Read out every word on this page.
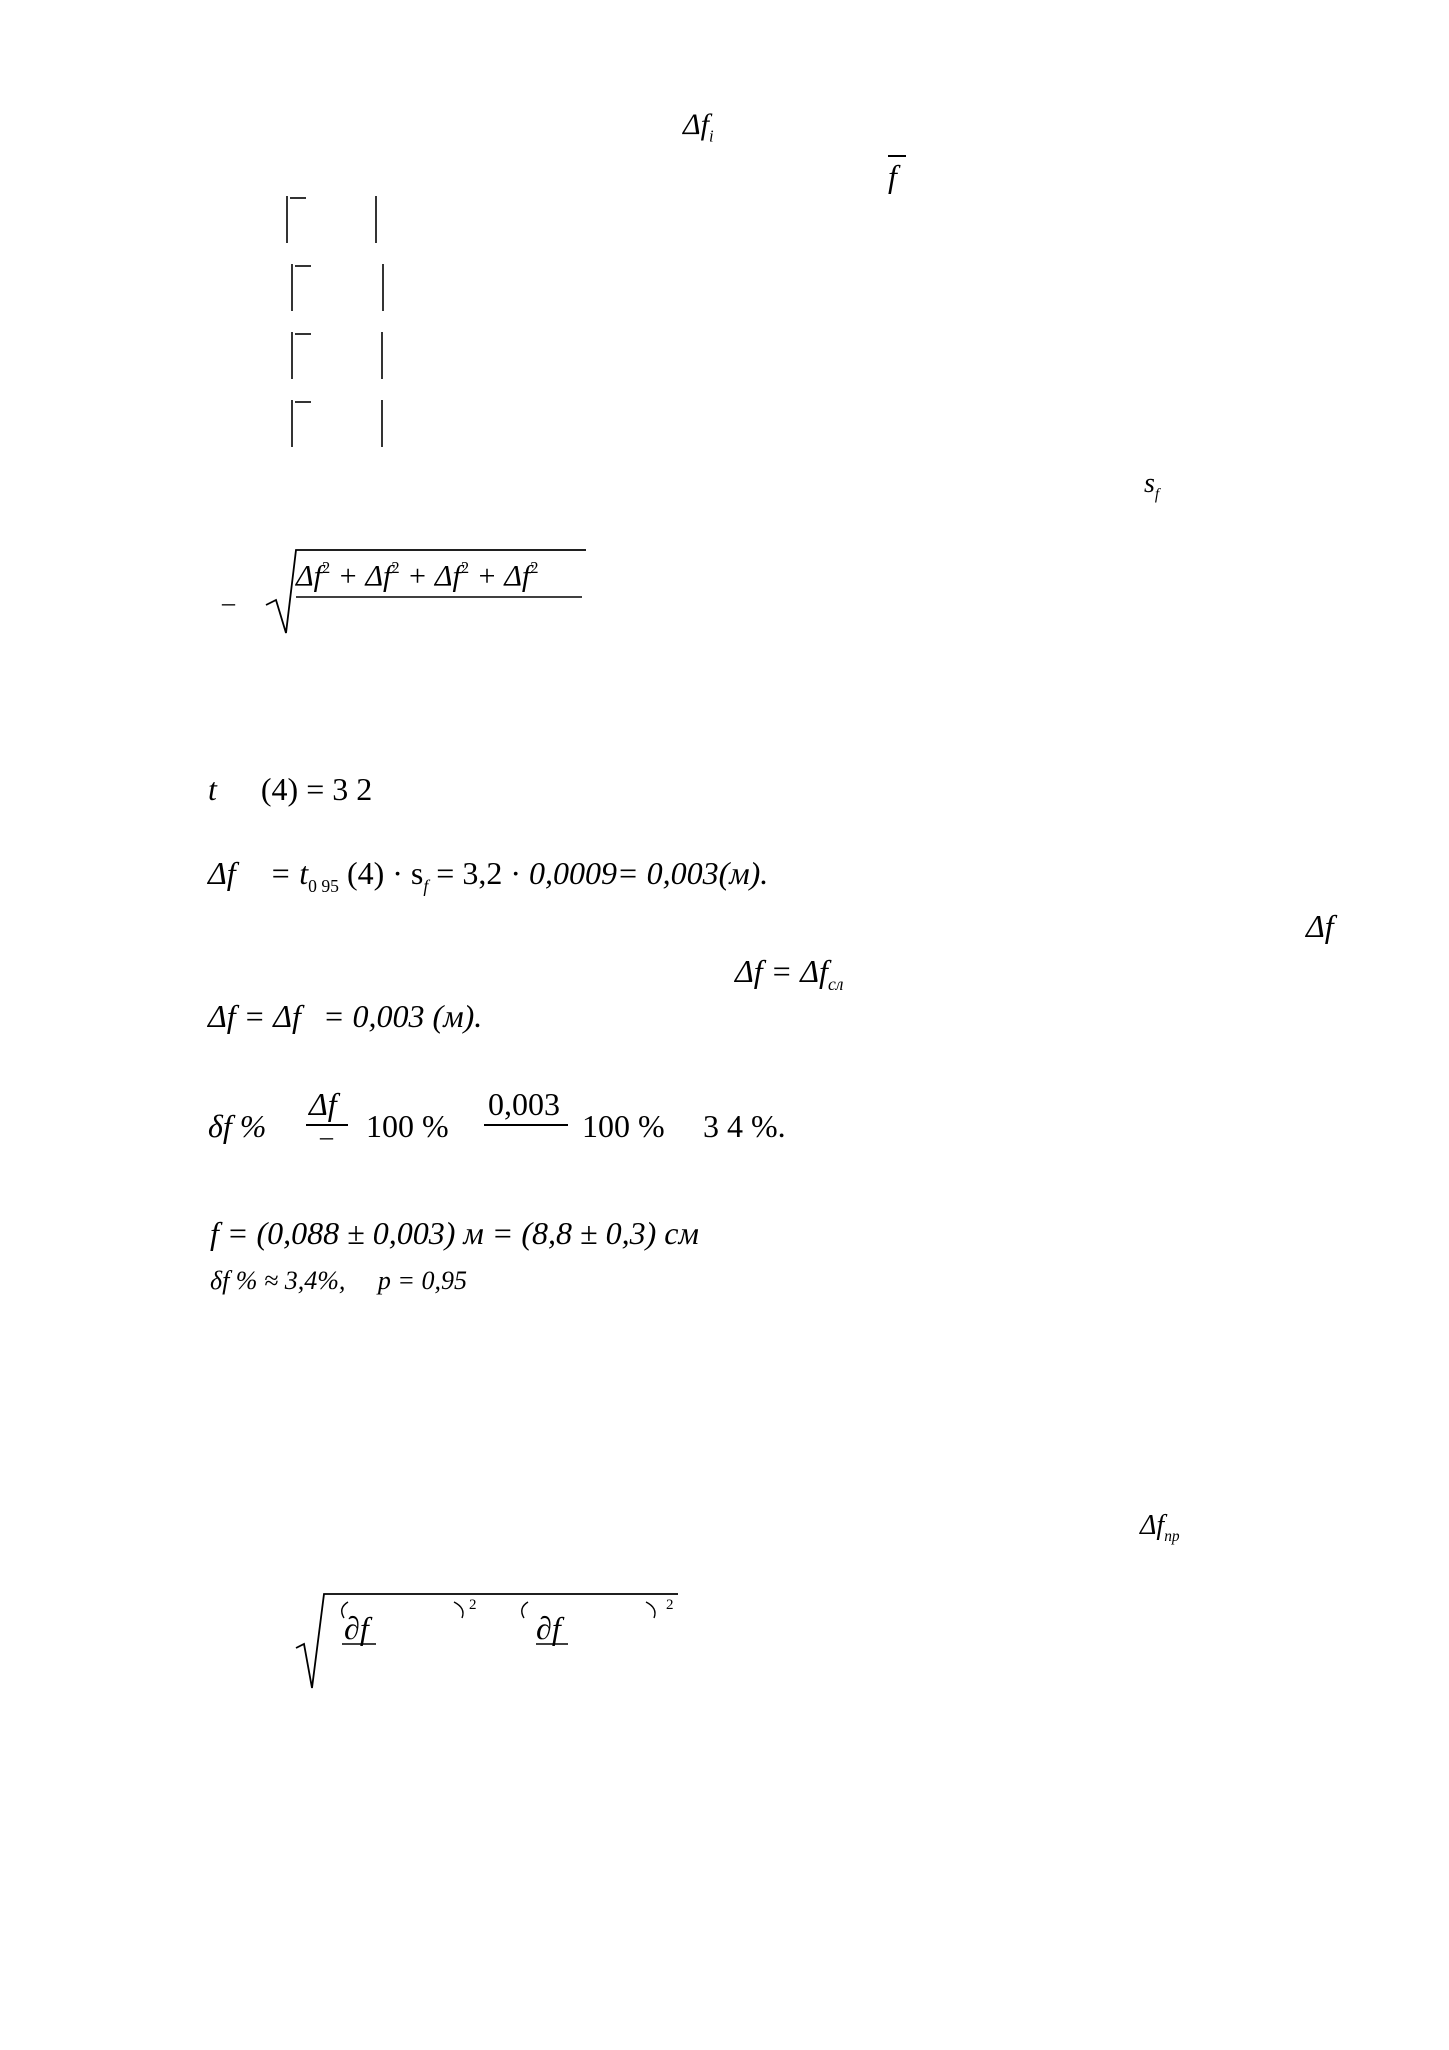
$\Delta f_i$
f
$s_f$
–
$\Delta f^2 + \Delta f^2 + \Delta f^2 + \Delta f^2$
t (4) = 3 2
$\Delta f = t_{0 95}$ $(4) \cdot s_f = 3,2 \cdot 0,0009= 0,003(м)$.
Δf
$\Delta f = \Delta f_{сл}$
Δf = Δf = 0,003 (м).
δf %
Δf
– 100 %
0,003
100 % 3 4 %.
f = (0,088 ± 0,003) м = (8,8 ± 0,3) см
δf % ≈ 3,4%, p = 0,95
$\Delta f_{пр}$
∂f
2
∂f
2
